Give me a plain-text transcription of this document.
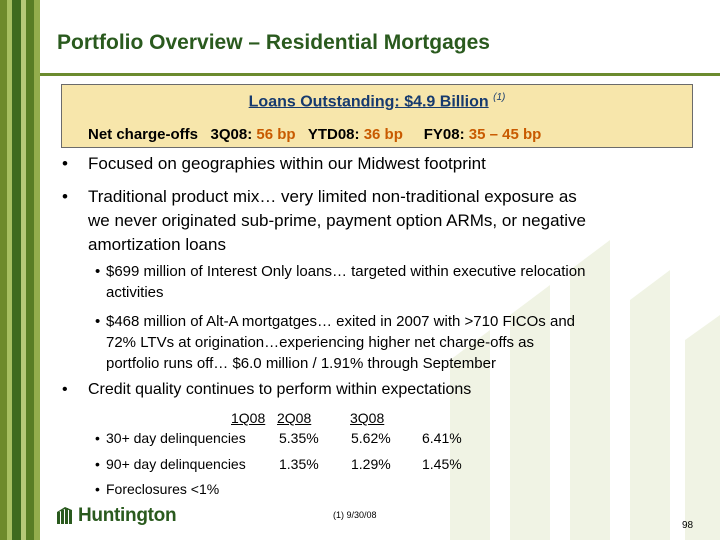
Portfolio Overview – Residential Mortgages
Loans Outstanding: $4.9 Billion $^{(1)}$
Net charge-offs 3Q08: 56 bp YTD08: 36 bp FY08: 35 – 45 bp
• Focused on geographies within our Midwest footprint
• Traditional product mix… very limited non-traditional exposure as
we never originated sub-prime, payment option ARMs, or negative
amortization loans
• $699 million of Interest Only loans… targeted within executive relocation
activities
• $468 million of Alt-A mortgatges… exited in 2007 with >710 FICOs and
72% LTVs at origination…experiencing higher net charge-offs as
portfolio runs off… $6.0 million / 1.91% through September
• Credit quality continues to perform within expectations
1Q08 2Q08	3Q08
• 30+ day delinquencies 5.35% 5.62% 6.41%
• 90+ day delinquencies 1.35% 1.29% 1.45%
• Foreclosures <1%
(1) 9/30/08
98
Huntington
